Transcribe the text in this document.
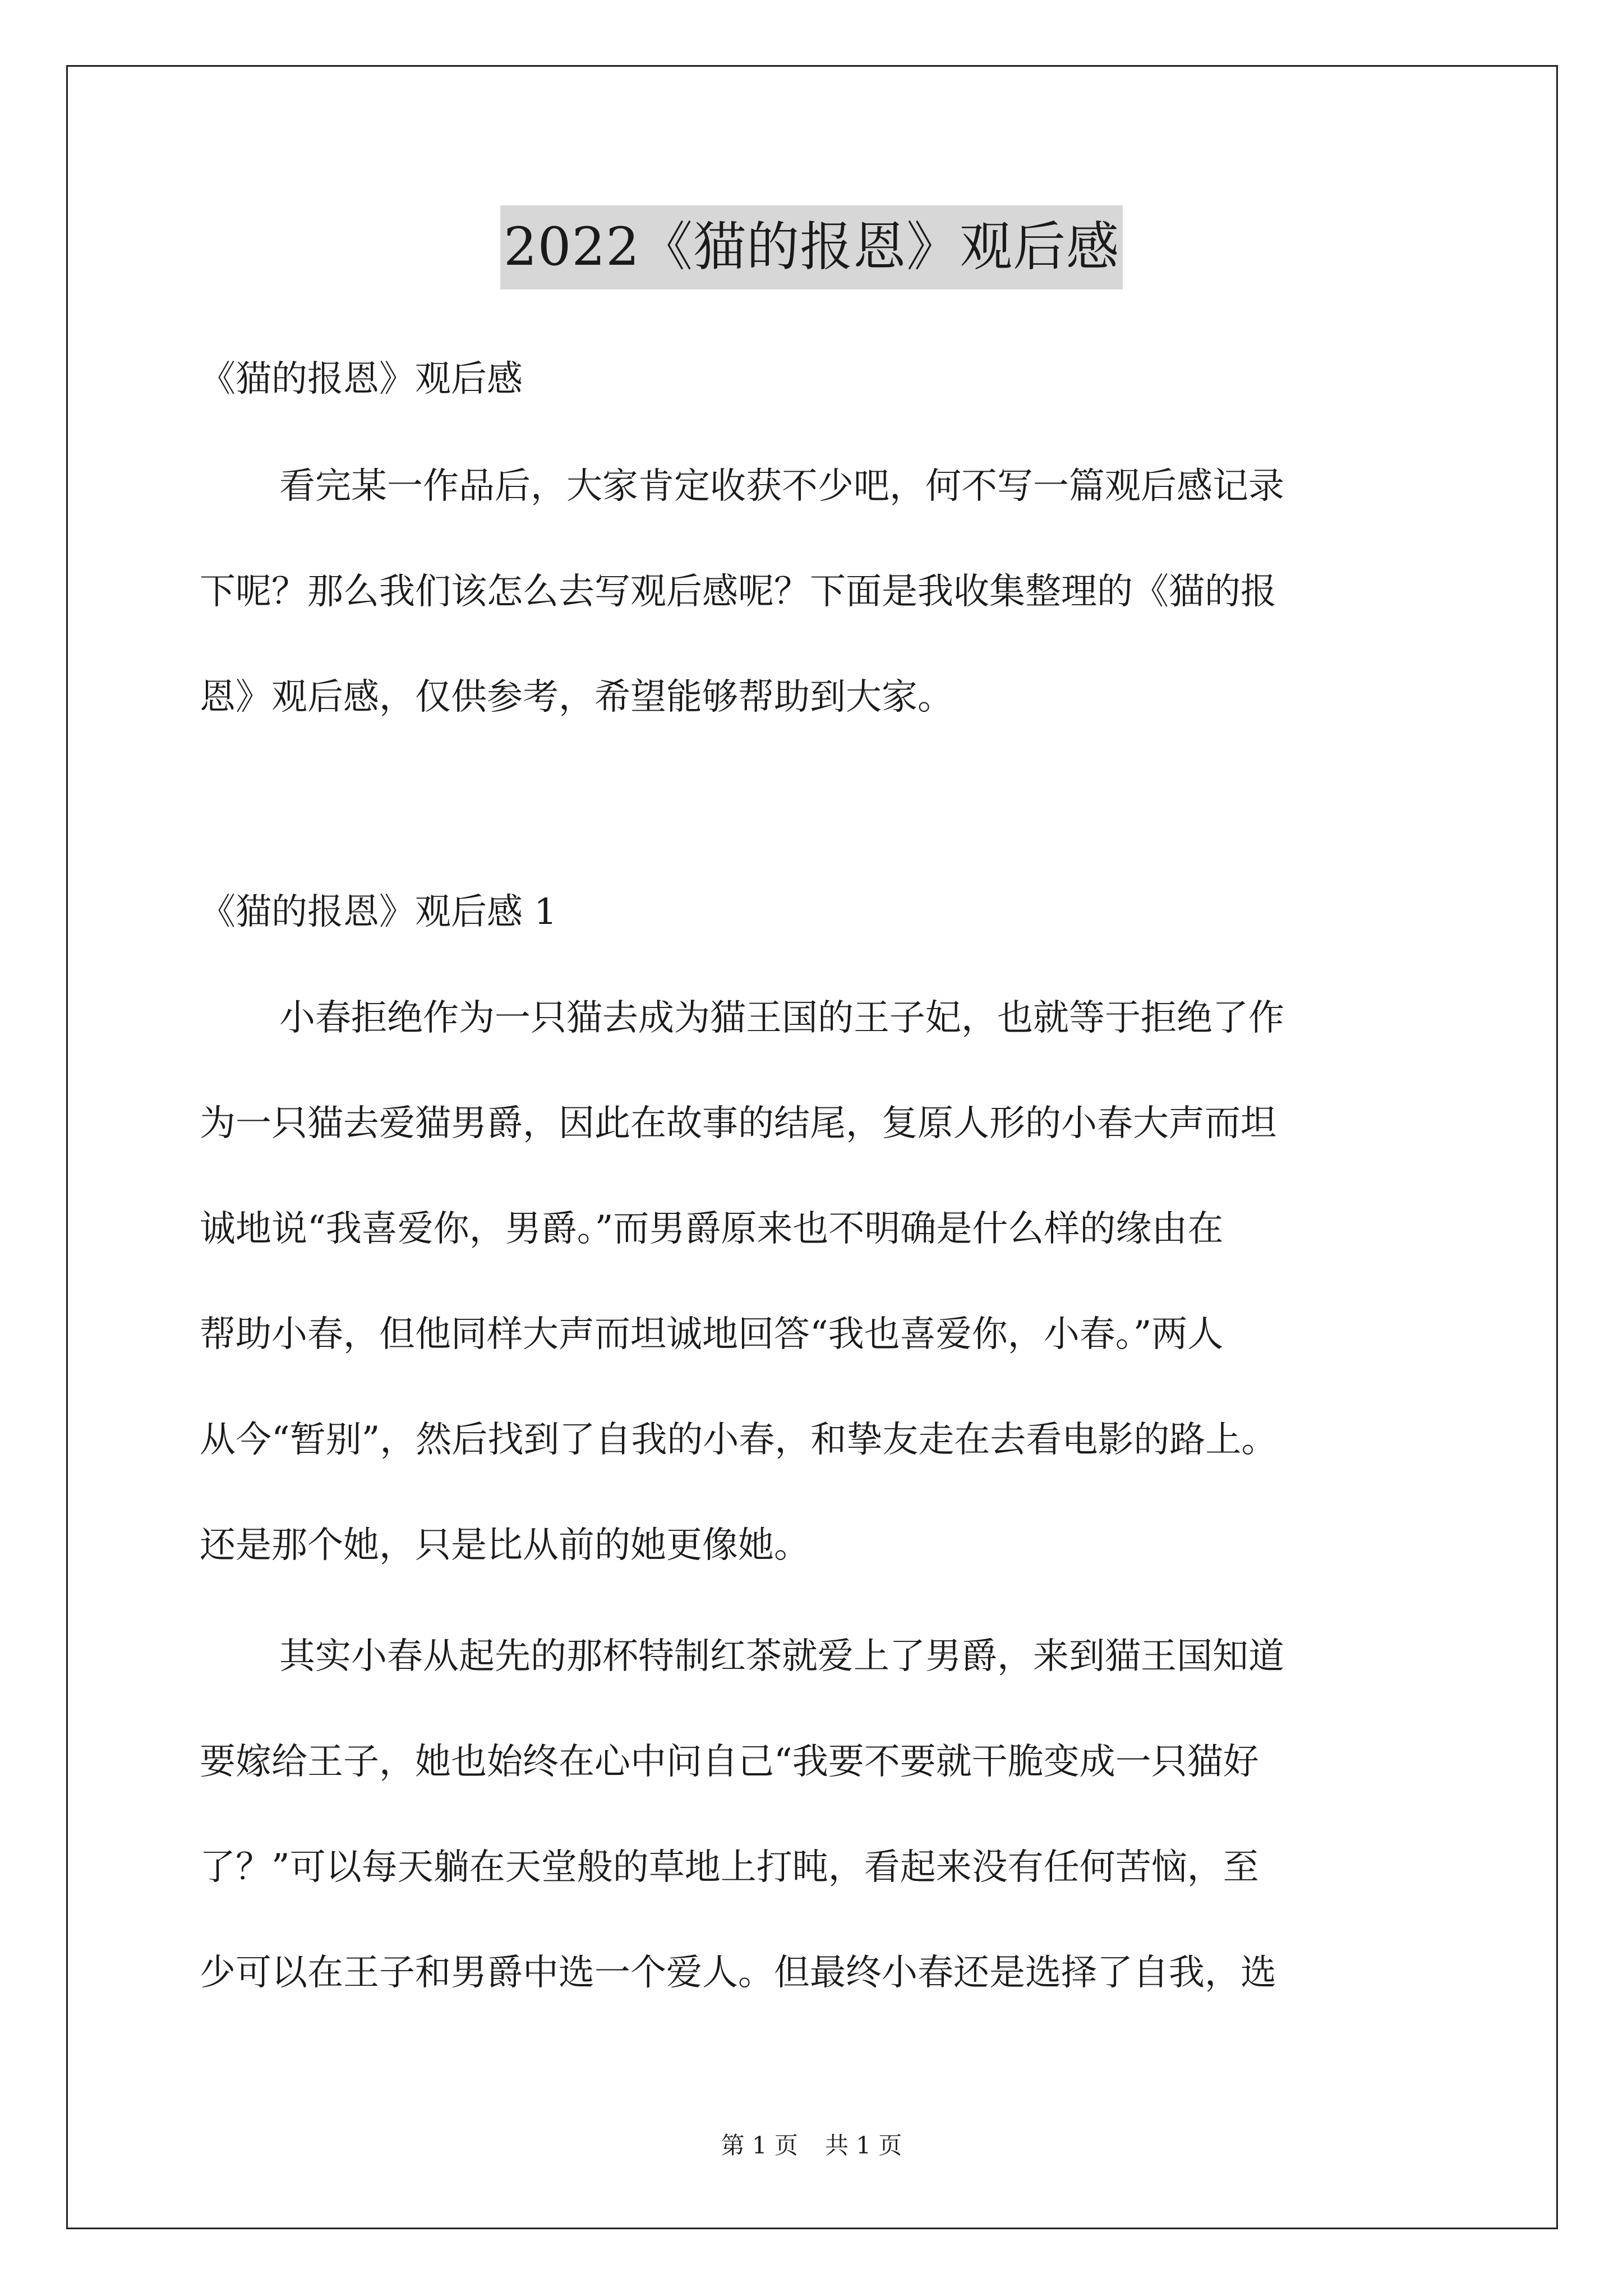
2022《猫的报恩》观后感

《猫的报恩》观后感

看完某一作品后，大家肯定收获不少吧，何不写一篇观后感记录

下呢？那么我们该怎么去写观后感呢？下面是我收集整理的《猫的报

恩》观后感，仅供参考，希望能够帮助到大家。

《猫的报恩》观后感 1

小春拒绝作为一只猫去成为猫王国的王子妃，也就等于拒绝了作

为一只猫去爱猫男爵，因此在故事的结尾，复原人形的小春大声而坦

诚地说“我喜爱你，男爵。”而男爵原来也不明确是什么样的缘由在

帮助小春，但他同样大声而坦诚地回答“我也喜爱你，小春。”两人

从今“暂别”，然后找到了自我的小春，和挚友走在去看电影的路上。

还是那个她，只是比从前的她更像她。

其实小春从起先的那杯特制红茶就爱上了男爵，来到猫王国知道

要嫁给王子，她也始终在心中问自己“我要不要就干脆变成一只猫好

了？”可以每天躺在天堂般的草地上打盹，看起来没有任何苦恼，至

少可以在王子和男爵中选一个爱人。但最终小春还是选择了自我，选

第 1 页 共 1 页
